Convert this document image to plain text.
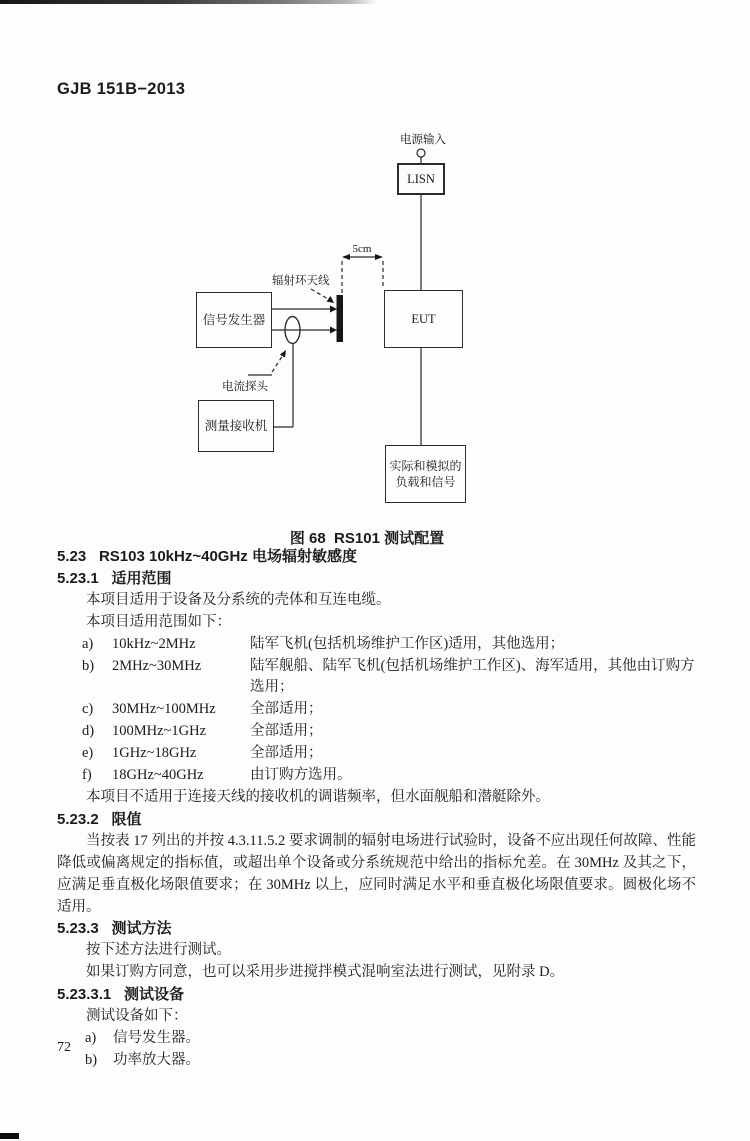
GJB 151B−2013
电源输入
LISN
5cm
辐射环天线
信号发生器	EUT
电流探头
测量接收机
实际和模拟的
负载和信号
图 68  RS101 测试配置
5.23 RS103 10kHz~40GHz 电场辐射敏感度
5.23.1 适用范围
本项目适用于设备及分系统的壳体和互连电缆。
本项目适用范围如下：
a)	10kHz~2MHz	陆军飞机(包括机场维护工作区)适用，其他选用；
b)	2MHz~30MHz	陆军舰船、陆军飞机(包括机场维护工作区)、海军适用，其他由订购方选用；
c)	30MHz~100MHz	全部适用；
d)	100MHz~1GHz	全部适用；
e)	1GHz~18GHz	全部适用；
f)	18GHz~40GHz	由订购方选用。
本项目不适用于连接天线的接收机的调谐频率，但水面舰船和潜艇除外。
5.23.2 限值
当按表 17 列出的并按 4.3.11.5.2 要求调制的辐射电场进行试验时，设备不应出现任何故障、性能降低或偏离规定的指标值，或超出单个设备或分系统规范中给出的指标允差。在 30MHz 及其之下，应满足垂直极化场限值要求；在 30MHz 以上，应同时满足水平和垂直极化场限值要求。圆极化场不适用。
5.23.3 测试方法
按下述方法进行测试。
如果订购方同意，也可以采用步进搅拌模式混响室法进行测试，见附录 D。
5.23.3.1 测试设备
测试设备如下：
a)	信号发生器。
b)	功率放大器。
72
